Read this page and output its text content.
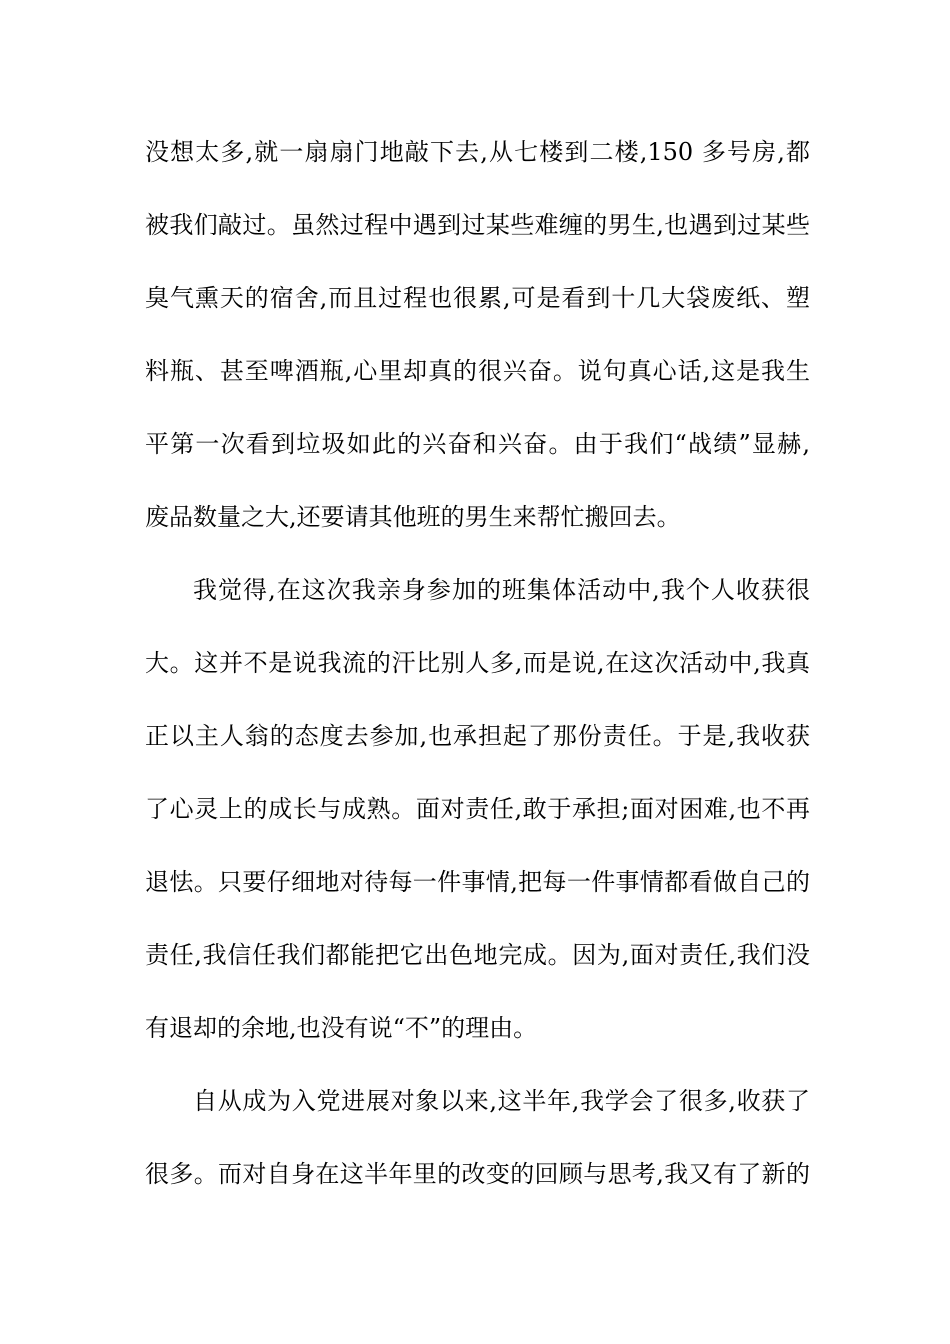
没想太多,就一扇扇门地敲下去,从七楼到二楼,150 多号房,都
被我们敲过。虽然过程中遇到过某些难缠的男生,也遇到过某些
臭气熏天的宿舍,而且过程也很累,可是看到十几大袋废纸、塑
料瓶、甚至啤酒瓶,心里却真的很兴奋。说句真心话,这是我生
平第一次看到垃圾如此的兴奋和兴奋。由于我们“战绩”显赫,
废品数量之大,还要请其他班的男生来帮忙搬回去。
我觉得,在这次我亲身参加的班集体活动中,我个人收获很
大。这并不是说我流的汗比别人多,而是说,在这次活动中,我真
正以主人翁的态度去参加,也承担起了那份责任。于是,我收获
了心灵上的成长与成熟。面对责任,敢于承担;面对困难,也不再
退怯。只要仔细地对待每一件事情,把每一件事情都看做自己的
责任,我信任我们都能把它出色地完成。因为,面对责任,我们没
有退却的余地,也没有说“不”的理由。
自从成为入党进展对象以来,这半年,我学会了很多,收获了
很多。而对自身在这半年里的改变的回顾与思考,我又有了新的
